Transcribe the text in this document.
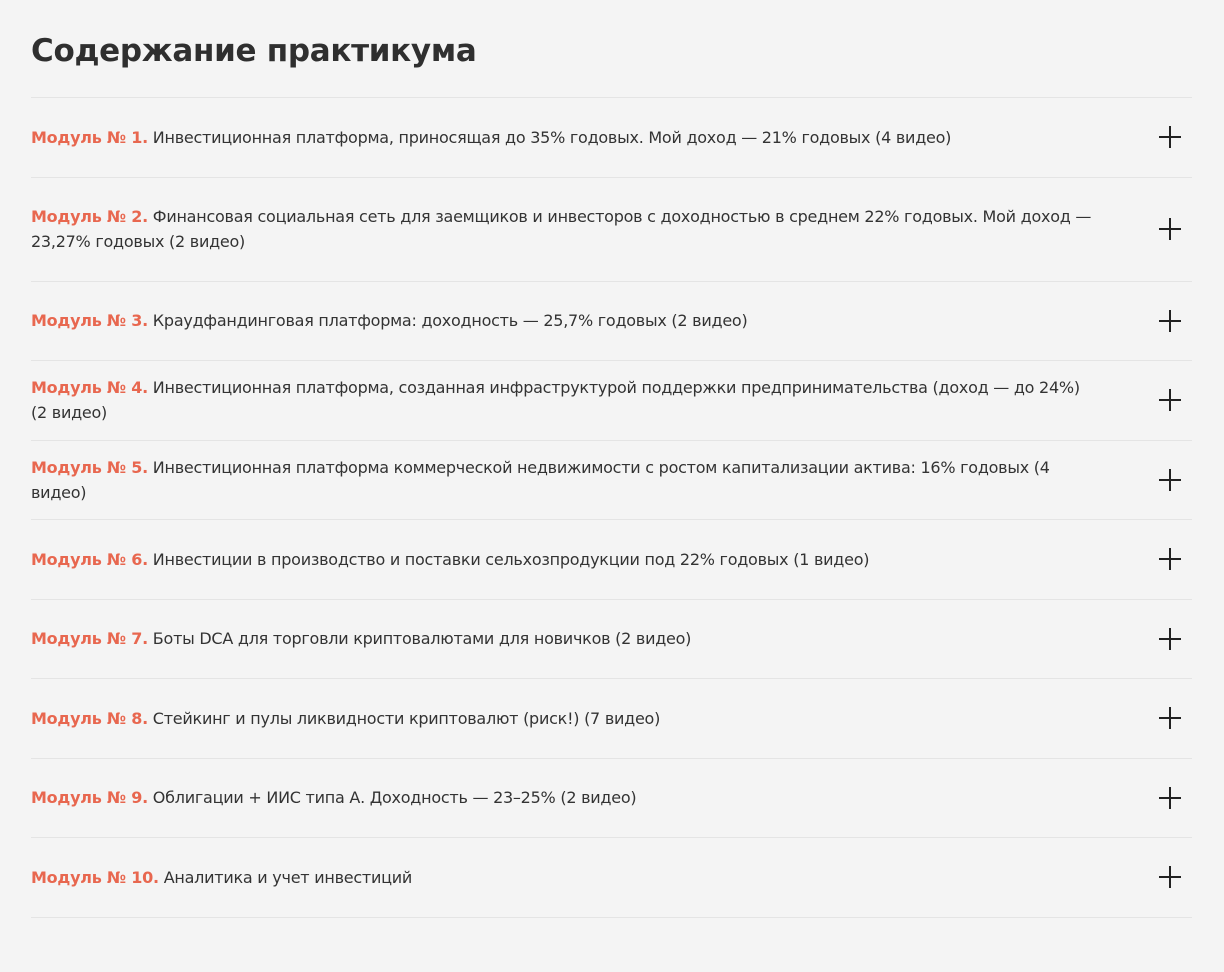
Содержание практикума
Модуль № 1. Инвестиционная платформа, приносящая до 35% годовых. Мой доход — 21% годовых (4 видео)
Модуль № 2. Финансовая социальная сеть для заемщиков и инвесторов с доходностью в среднем 22% годовых. Мой доход — 23,27% годовых (2 видео)
Модуль № 3. Краудфандинговая платформа: доходность — 25,7% годовых (2 видео)
Модуль № 4. Инвестиционная платформа, созданная инфраструктурой поддержки предпринимательства (доход — до 24%) (2 видео)
Модуль № 5. Инвестиционная платформа коммерческой недвижимости с ростом капитализации актива: 16% годовых (4 видео)
Модуль № 6. Инвестиции в производство и поставки сельхозпродукции под 22% годовых (1 видео)
Модуль № 7. Боты DCA для торговли криптовалютами для новичков (2 видео)
Модуль № 8. Стейкинг и пулы ликвидности криптовалют (риск!) (7 видео)
Модуль № 9. Облигации + ИИС типа А. Доходность — 23–25% (2 видео)
Модуль № 10. Аналитика и учет инвестиций
